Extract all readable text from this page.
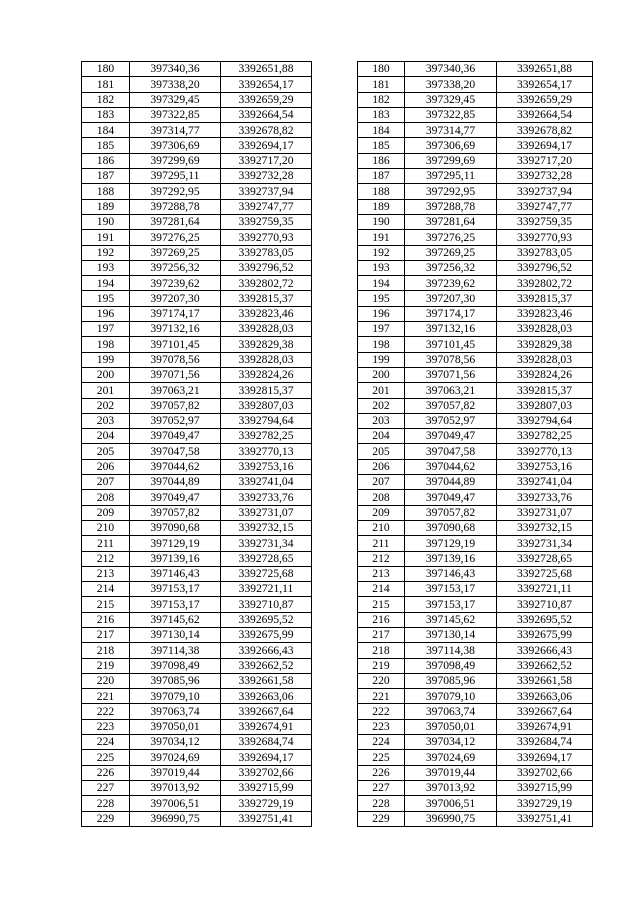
180	397340,36	3392651,88		180	397340,36	3392651,88
181	397338,20	3392654,17		181	397338,20	3392654,17
182	397329,45	3392659,29		182	397329,45	3392659,29
183	397322,85	3392664,54		183	397322,85	3392664,54
184	397314,77	3392678,82		184	397314,77	3392678,82
185	397306,69	3392694,17		185	397306,69	3392694,17
186	397299,69	3392717,20		186	397299,69	3392717,20
187	397295,11	3392732,28		187	397295,11	3392732,28
188	397292,95	3392737,94		188	397292,95	3392737,94
189	397288,78	3392747,77		189	397288,78	3392747,77
190	397281,64	3392759,35		190	397281,64	3392759,35
191	397276,25	3392770,93		191	397276,25	3392770,93
192	397269,25	3392783,05		192	397269,25	3392783,05
193	397256,32	3392796,52		193	397256,32	3392796,52
194	397239,62	3392802,72		194	397239,62	3392802,72
195	397207,30	3392815,37		195	397207,30	3392815,37
196	397174,17	3392823,46		196	397174,17	3392823,46
197	397132,16	3392828,03		197	397132,16	3392828,03
198	397101,45	3392829,38		198	397101,45	3392829,38
199	397078,56	3392828,03		199	397078,56	3392828,03
200	397071,56	3392824,26		200	397071,56	3392824,26
201	397063,21	3392815,37		201	397063,21	3392815,37
202	397057,82	3392807,03		202	397057,82	3392807,03
203	397052,97	3392794,64		203	397052,97	3392794,64
204	397049,47	3392782,25		204	397049,47	3392782,25
205	397047,58	3392770,13		205	397047,58	3392770,13
206	397044,62	3392753,16		206	397044,62	3392753,16
207	397044,89	3392741,04		207	397044,89	3392741,04
208	397049,47	3392733,76		208	397049,47	3392733,76
209	397057,82	3392731,07		209	397057,82	3392731,07
210	397090,68	3392732,15		210	397090,68	3392732,15
211	397129,19	3392731,34		211	397129,19	3392731,34
212	397139,16	3392728,65		212	397139,16	3392728,65
213	397146,43	3392725,68		213	397146,43	3392725,68
214	397153,17	3392721,11		214	397153,17	3392721,11
215	397153,17	3392710,87		215	397153,17	3392710,87
216	397145,62	3392695,52		216	397145,62	3392695,52
217	397130,14	3392675,99		217	397130,14	3392675,99
218	397114,38	3392666,43		218	397114,38	3392666,43
219	397098,49	3392662,52		219	397098,49	3392662,52
220	397085,96	3392661,58		220	397085,96	3392661,58
221	397079,10	3392663,06		221	397079,10	3392663,06
222	397063,74	3392667,64		222	397063,74	3392667,64
223	397050,01	3392674,91		223	397050,01	3392674,91
224	397034,12	3392684,74		224	397034,12	3392684,74
225	397024,69	3392694,17		225	397024,69	3392694,17
226	397019,44	3392702,66		226	397019,44	3392702,66
227	397013,92	3392715,99		227	397013,92	3392715,99
228	397006,51	3392729,19		228	397006,51	3392729,19
229	396990,75	3392751,41		229	396990,75	3392751,41
